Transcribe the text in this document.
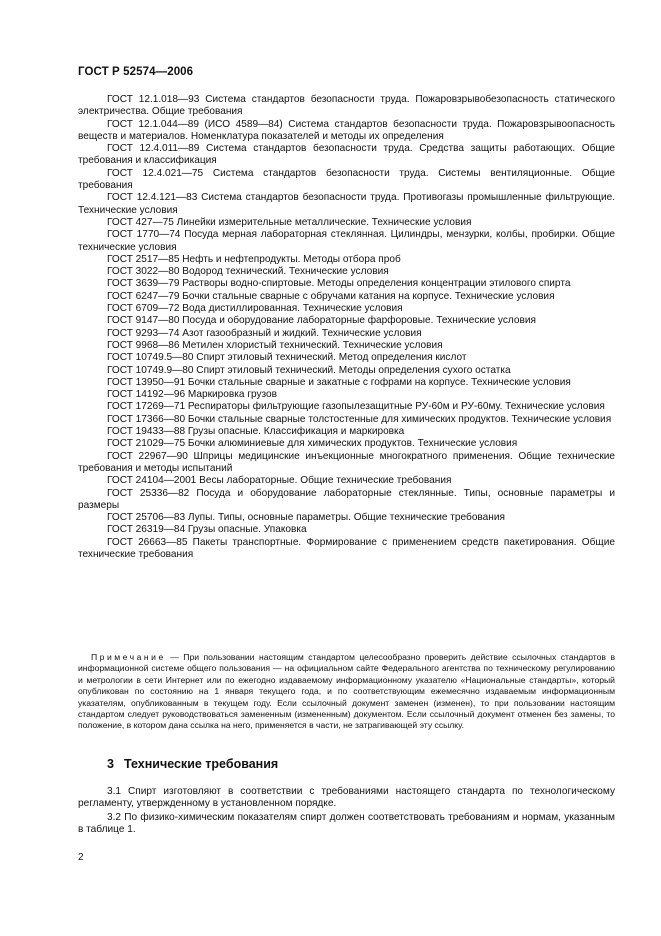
ГОСТ Р 52574—2006

ГОСТ 12.1.018—93 Система стандартов безопасности труда. Пожаровзрывобезопасность статического электричества. Общие требования

ГОСТ 12.1.044—89 (ИСО 4589—84) Система стандартов безопасности труда. Пожаровзрывоопасность веществ и материалов. Номенклатура показателей и методы их определения

ГОСТ 12.4.011—89 Система стандартов безопасности труда. Средства защиты работающих. Общие требования и классификация

ГОСТ 12.4.021—75 Система стандартов безопасности труда. Системы вентиляционные. Общие требования

ГОСТ 12.4.121—83 Система стандартов безопасности труда. Противогазы промышленные фильтрующие. Технические условия

ГОСТ 427—75 Линейки измерительные металлические. Технические условия

ГОСТ 1770—74 Посуда мерная лабораторная стеклянная. Цилиндры, мензурки, колбы, пробирки. Общие технические условия

ГОСТ 2517—85 Нефть и нефтепродукты. Методы отбора проб

ГОСТ 3022—80 Водород технический. Технические условия

ГОСТ 3639—79 Растворы водно-спиртовые. Методы определения концентрации этилового спирта

ГОСТ 6247—79 Бочки стальные сварные с обручами катания на корпусе. Технические условия

ГОСТ 6709—72 Вода дистиллированная. Технические условия

ГОСТ 9147—80 Посуда и оборудование лабораторные фарфоровые. Технические условия

ГОСТ 9293—74 Азот газообразный и жидкий. Технические условия

ГОСТ 9968—86 Метилен хлористый технический. Технические условия

ГОСТ 10749.5—80 Спирт этиловый технический. Метод определения кислот

ГОСТ 10749.9—80 Спирт этиловый технический. Методы определения сухого остатка

ГОСТ 13950—91 Бочки стальные сварные и закатные с гофрами на корпусе. Технические условия

ГОСТ 14192—96 Маркировка грузов

ГОСТ 17269—71 Респираторы фильтрующие газопылезащитные РУ-60м и РУ-60му. Технические условия

ГОСТ 17366—80 Бочки стальные сварные толстостенные для химических продуктов. Технические условия

ГОСТ 19433—88 Грузы опасные. Классификация и маркировка

ГОСТ 21029—75 Бочки алюминиевые для химических продуктов. Технические условия

ГОСТ 22967—90 Шприцы медицинские инъекционные многократного применения. Общие технические требования и методы испытаний

ГОСТ 24104—2001 Весы лабораторные. Общие технические требования

ГОСТ 25336—82 Посуда и оборудование лабораторные стеклянные. Типы, основные параметры и размеры

ГОСТ 25706—83 Лупы. Типы, основные параметры. Общие технические требования

ГОСТ 26319—84 Грузы опасные. Упаковка

ГОСТ 26663—85 Пакеты транспортные. Формирование с применением средств пакетирования. Общие технические требования

Примечание — При пользовании настоящим стандартом целесообразно проверить действие ссылочных стандартов в информационной системе общего пользования — на официальном сайте Федерального агентства по техническому регулированию и метрологии в сети Интернет или по ежегодно издаваемому информационному указателю «Национальные стандарты», который опубликован по состоянию на 1 января текущего года, и по соответствующим ежемесячно издаваемым информационным указателям, опубликованным в текущем году. Если ссылочный документ заменен (изменен), то при пользовании настоящим стандартом следует руководствоваться замененным (измененным) документом. Если ссылочный документ отменен без замены, то положение, в котором дана ссылка на него, применяется в части, не затрагивающей эту ссылку.
3 Технические требования

3.1 Спирт изготовляют в соответствии с требованиями настоящего стандарта по технологическому регламенту, утвержденному в установленном порядке.

3.2 По физико-химическим показателям спирт должен соответствовать требованиям и нормам, указанным в таблице 1.

2
